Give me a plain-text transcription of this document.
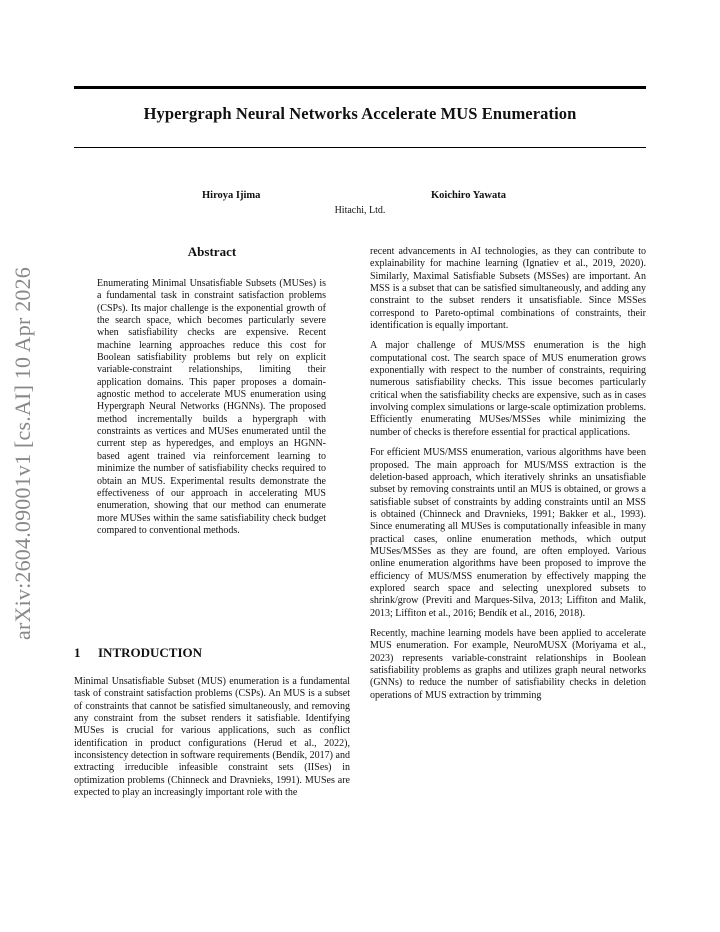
arXiv:2604.09001v1 [cs.AI] 10 Apr 2026
Hypergraph Neural Networks Accelerate MUS Enumeration
Hiroya Ijima	Koichiro Yawata
Hitachi, Ltd.
Abstract

Enumerating Minimal Unsatisfiable Subsets (MUSes) is a fundamental task in constraint satisfaction problems (CSPs). Its major challenge is the exponential growth of the search space, which becomes particularly severe when satisfiability checks are expensive. Recent machine learning approaches reduce this cost for Boolean satisfiability problems but rely on explicit variable-constraint relationships, limiting their application domains. This paper proposes a domain-agnostic method to accelerate MUS enumeration using Hypergraph Neural Networks (HGNNs). The proposed method incrementally builds a hypergraph with constraints as vertices and MUSes enumerated until the current step as hyperedges, and employs an HGNN-based agent trained via reinforcement learning to minimize the number of satisfiability checks required to obtain an MUS. Experimental results demonstrate the effectiveness of our approach in accelerating MUS enumeration, showing that our method can enumerate more MUSes within the same satisfiability check budget compared to conventional methods.

1 INTRODUCTION

Minimal Unsatisfiable Subset (MUS) enumeration is a fundamental task of constraint satisfaction problems (CSPs). An MUS is a subset of constraints that cannot be satisfied simultaneously, and removing any constraint from the subset renders it satisfiable. Identifying MUSes is crucial for various applications, such as conflict identification in product configurations (Herud et al., 2022), inconsistency detection in software requirements (Bendík, 2017) and extracting irreducible infeasible constraint sets (IISes) in optimization problems (Chinneck and Dravnieks, 1991). MUSes are expected to play an increasingly important role with the

recent advancements in AI technologies, as they can contribute to explainability for machine learning (Ignatiev et al., 2019, 2020). Similarly, Maximal Satisfiable Subsets (MSSes) are important. An MSS is a subset that can be satisfied simultaneously, and adding any constraint to the subset renders it unsatisfiable. Since MSSes correspond to Pareto-optimal combinations of constraints, their identification is equally important.

A major challenge of MUS/MSS enumeration is the high computational cost. The search space of MUS enumeration grows exponentially with respect to the number of constraints, requiring numerous satisfiability checks. This issue becomes particularly critical when the satisfiability checks are expensive, such as in cases involving complex simulations or large-scale optimization problems. Efficiently enumerating MUSes/MSSes while minimizing the number of checks is therefore essential for practical applications.

For efficient MUS/MSS enumeration, various algorithms have been proposed. The main approach for MUS/MSS extraction is the deletion-based approach, which iteratively shrinks an unsatisfiable subset by removing constraints until an MUS is obtained, or grows a satisfiable subset of constraints by adding constraints until an MSS is obtained (Chinneck and Dravnieks, 1991; Bakker et al., 1993). Since enumerating all MUSes is computationally infeasible in many practical cases, online enumeration methods, which output MUSes/MSSes as they are found, are often employed. Various online enumeration algorithms have been proposed to improve the efficiency of MUS/MSS enumeration by effectively mapping the explored search space and selecting unexplored subsets to shrink/grow (Previti and Marques-Silva, 2013; Liffiton and Malik, 2013; Liffiton et al., 2016; Bendík et al., 2016, 2018).

Recently, machine learning models have been applied to accelerate MUS enumeration. For example, NeuroMUSX (Moriyama et al., 2023) represents variable-constraint relationships in Boolean satisfiability problems as graphs and utilizes graph neural networks (GNNs) to reduce the number of satisfiability checks in deletion operations of MUS extraction by trimming
